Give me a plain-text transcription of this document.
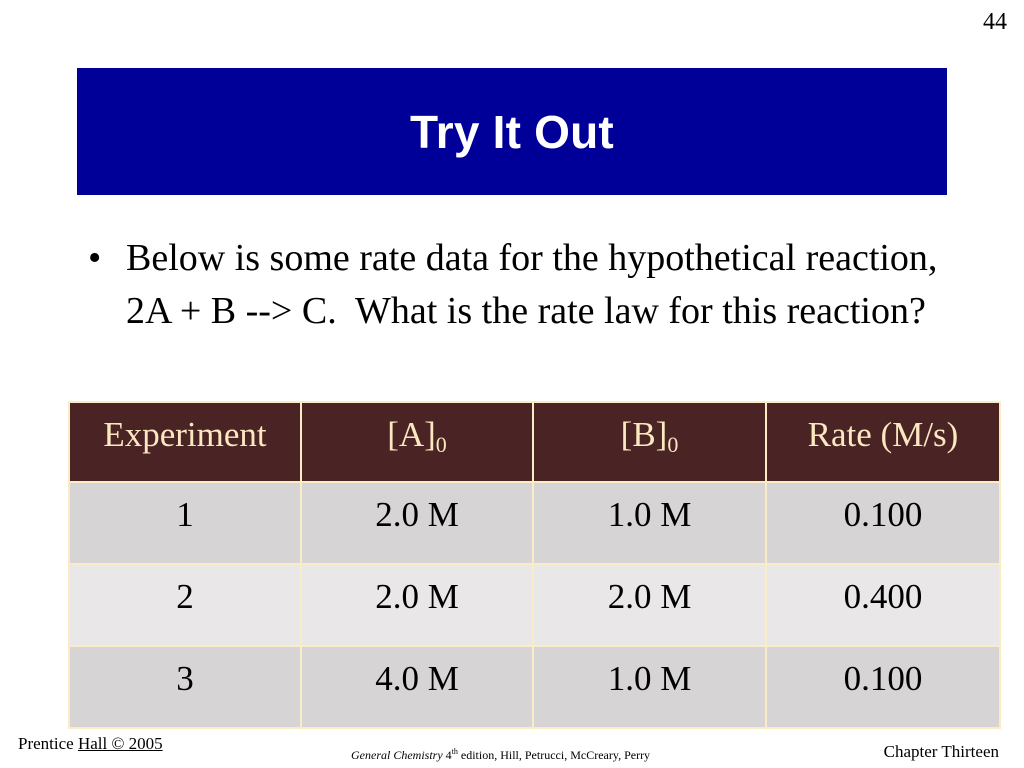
44
Try It Out
• Below is some rate data for the hypothetical reaction, 2A + B --> C.  What is the rate law for this reaction?
Experiment	$[A]_0$	$[B]_0$	Rate (M/s)
1	2.0 M	1.0 M	0.100
2	2.0 M	2.0 M	0.400
3	4.0 M	1.0 M	0.100
Prentice Hall © 2005
General Chemistry 4th edition, Hill, Petrucci, McCreary, Perry	Chapter Thirteen
